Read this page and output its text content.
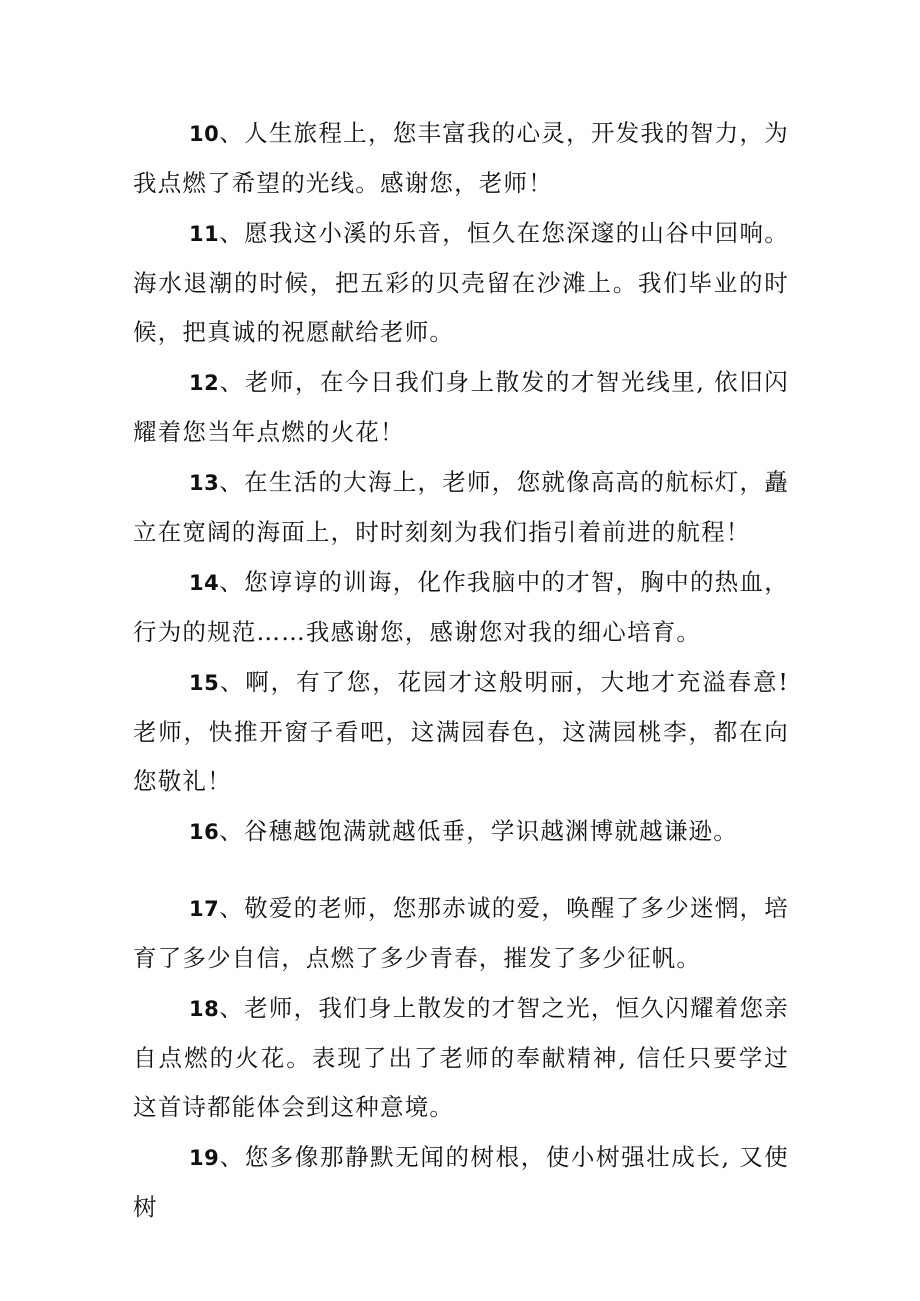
10、人生旅程上，您丰富我的心灵，开发我的智力，为我点燃了希望的光线。感谢您，老师！

11、愿我这小溪的乐音，恒久在您深邃的山谷中回响。海水退潮的时候，把五彩的贝壳留在沙滩上。我们毕业的时候，把真诚的祝愿献给老师。

12、老师，在今日我们身上散发的才智光线里, 依旧闪耀着您当年点燃的火花！

13、在生活的大海上，老师，您就像高高的航标灯，矗立在宽阔的海面上，时时刻刻为我们指引着前进的航程！

14、您谆谆的训诲，化作我脑中的才智，胸中的热血，行为的规范……我感谢您，感谢您对我的细心培育。

15、啊，有了您，花园才这般明丽，大地才充溢春意! 老师，快推开窗子看吧，这满园春色，这满园桃李，都在向您敬礼！

16、谷穗越饱满就越低垂，学识越渊博就越谦逊。

17、敬爱的老师，您那赤诚的爱，唤醒了多少迷惘，培育了多少自信，点燃了多少青春，摧发了多少征帆。

18、老师，我们身上散发的才智之光，恒久闪耀着您亲自点燃的火花。表现了出了老师的奉献精神, 信任只要学过这首诗都能体会到这种意境。

19、您多像那静默无闻的树根，使小树强壮成长, 又使树
